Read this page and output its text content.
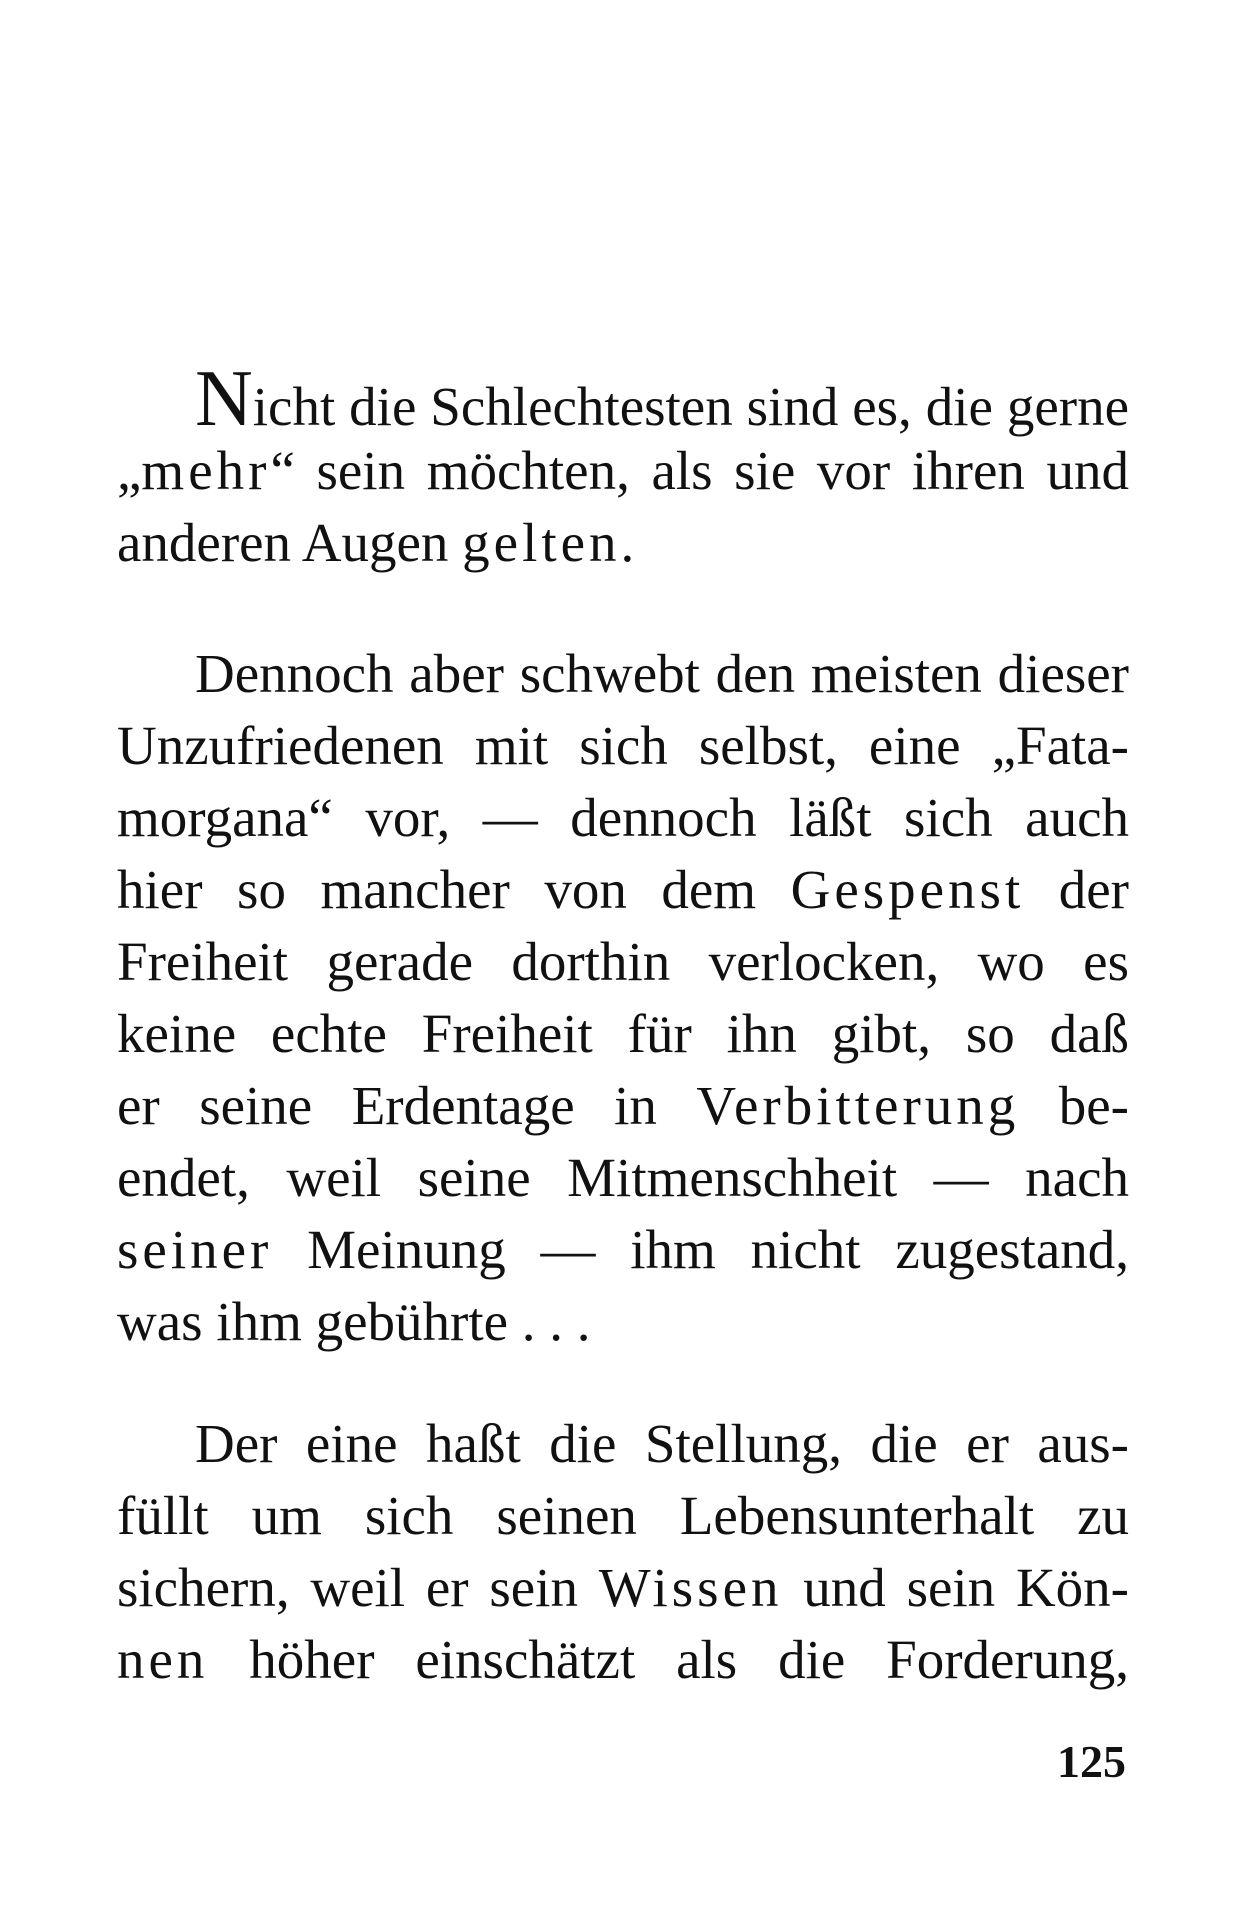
Nicht die Schlechtesten sind es, die gerne
„mehr“ sein möchten, als sie vor ihren und
anderen Augen gelten.
Dennoch aber schwebt den meisten dieser
Unzufriedenen mit sich selbst, eine „Fata-
morgana“ vor, — dennoch läßt sich auch
hier so mancher von dem Gespenst der
Freiheit gerade dorthin verlocken, wo es
keine echte Freiheit für ihn gibt, so daß
er seine Erdentage in Verbitterung be-
endet, weil seine Mitmenschheit — nach
seiner Meinung — ihm nicht zugestand,
was ihm gebührte . . .
Der eine haßt die Stellung, die er aus-
füllt um sich seinen Lebensunterhalt zu
sichern, weil er sein Wissen und sein Kön-
nen höher einschätzt als die Forderung,
125
